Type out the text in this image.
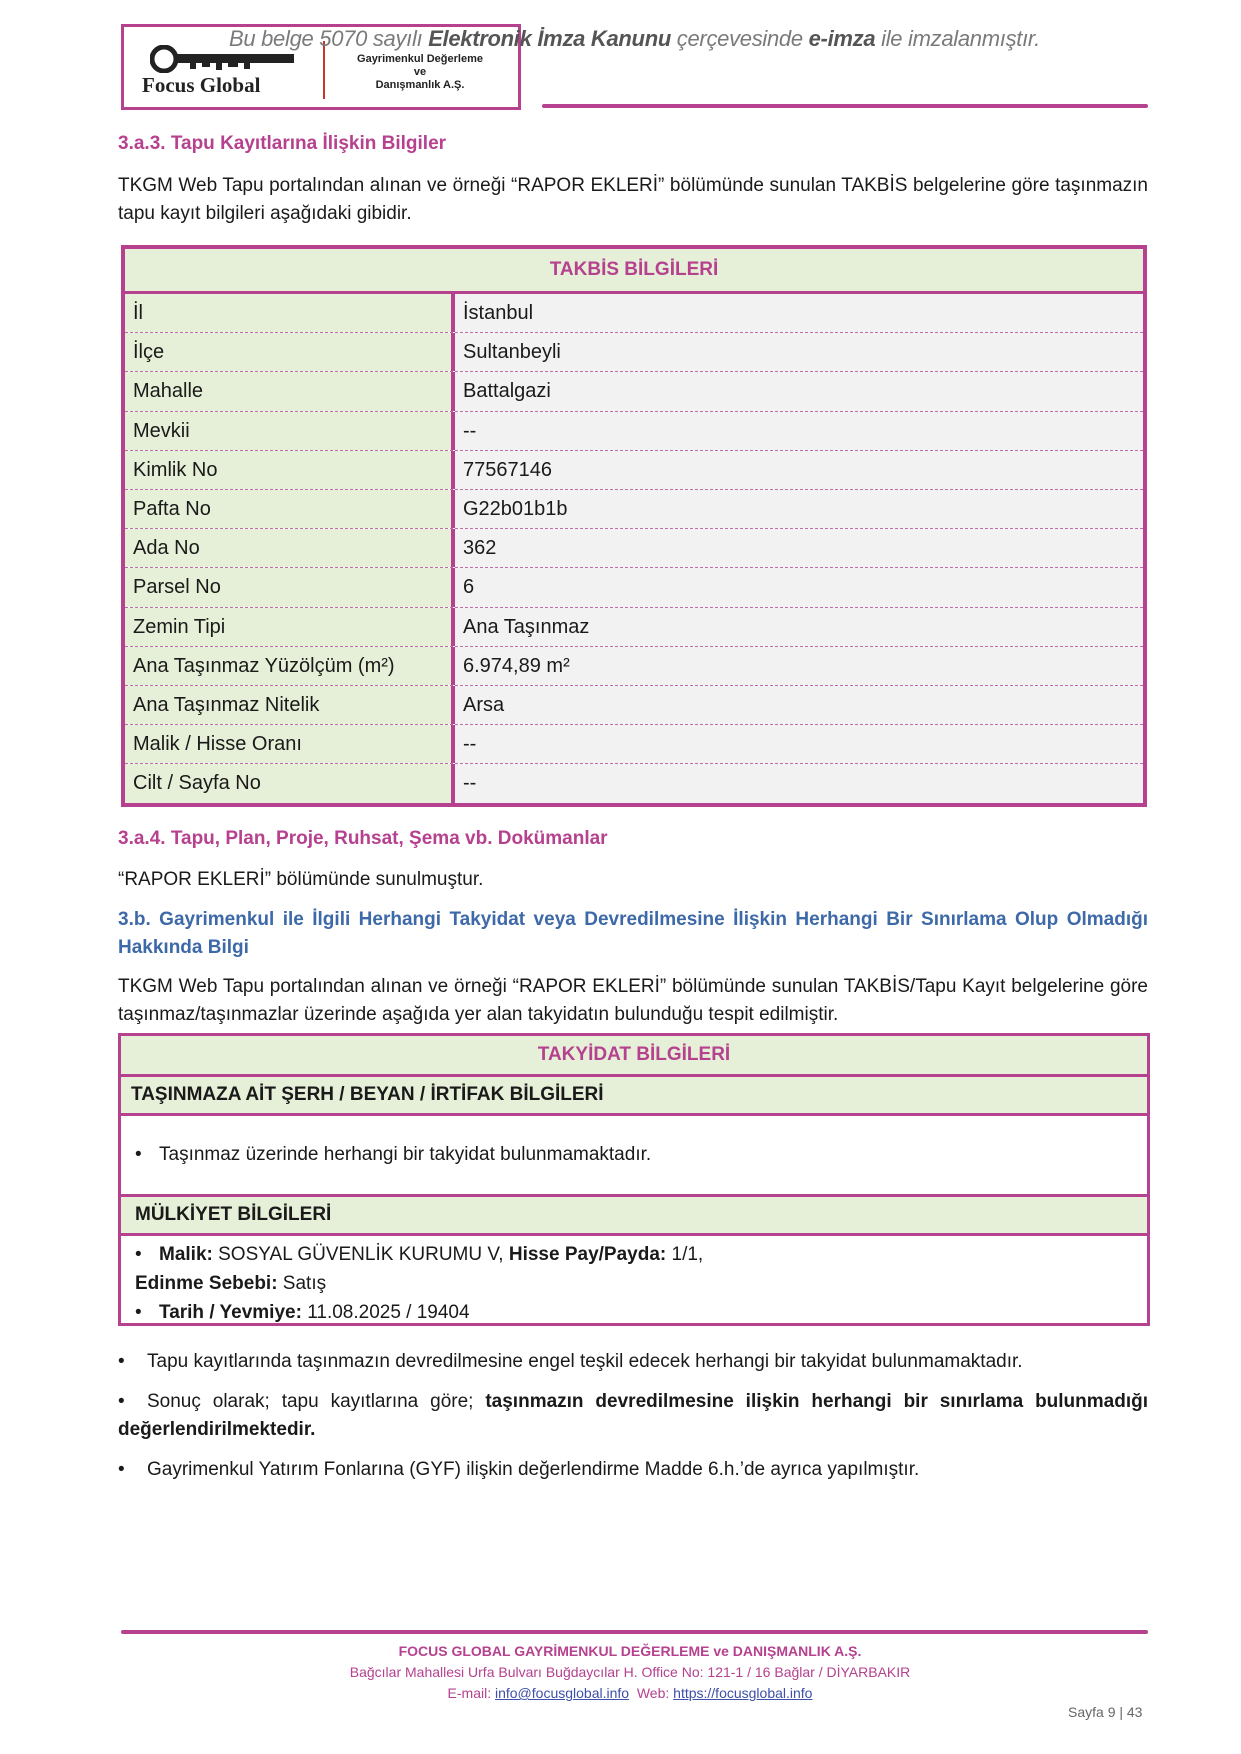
Focus Global
Gayrimenkul Değerleme
ve
Danışmanlık A.Ş.
Bu belge 5070 sayılı Elektronik İmza Kanunu çerçevesinde e-imza ile imzalanmıştır.
3.a.3. Tapu Kayıtlarına İlişkin Bilgiler
TKGM Web Tapu portalından alınan ve örneği “RAPOR EKLERİ” bölümünde sunulan TAKBİS belgelerine göre taşınmazın tapu kayıt bilgileri aşağıdaki gibidir.
TAKBİS BİLGİLERİ
İl	İstanbul
İlçe	Sultanbeyli
Mahalle	Battalgazi
Mevkii	--
Kimlik No	77567146
Pafta No	G22b01b1b
Ada No	362
Parsel No	6
Zemin Tipi	Ana Taşınmaz
Ana Taşınmaz Yüzölçüm (m²)	6.974,89 m²
Ana Taşınmaz Nitelik	Arsa
Malik / Hisse Oranı	--
Cilt / Sayfa No	--
3.a.4. Tapu, Plan, Proje, Ruhsat, Şema vb. Dokümanlar
“RAPOR EKLERİ” bölümünde sunulmuştur.
3.b. Gayrimenkul ile İlgili Herhangi Takyidat veya Devredilmesine İlişkin Herhangi Bir Sınırlama Olup Olmadığı Hakkında Bilgi
TKGM Web Tapu portalından alınan ve örneği “RAPOR EKLERİ” bölümünde sunulan TAKBİS/Tapu Kayıt belgelerine göre taşınmaz/taşınmazlar üzerinde aşağıda yer alan takyidatın bulunduğu tespit edilmiştir.
TAKYİDAT BİLGİLERİ
TAŞINMAZA AİT ŞERH / BEYAN / İRTİFAK BİLGİLERİ
• Taşınmaz üzerinde herhangi bir takyidat bulunmamaktadır.
MÜLKİYET BİLGİLERİ
• Malik: SOSYAL GÜVENLİK KURUMU V, Hisse Pay/Payda: 1/1,
Edinme Sebebi: Satış
• Tarih / Yevmiye: 11.08.2025 / 19404
• Tapu kayıtlarında taşınmazın devredilmesine engel teşkil edecek herhangi bir takyidat bulunmamaktadır.
• Sonuç olarak; tapu kayıtlarına göre; taşınmazın devredilmesine ilişkin herhangi bir sınırlama bulunmadığı değerlendirilmektedir.
• Gayrimenkul Yatırım Fonlarına (GYF) ilişkin değerlendirme Madde 6.h.’de ayrıca yapılmıştır.
FOCUS GLOBAL GAYRİMENKUL DEĞERLEME ve DANIŞMANLIK A.Ş.
Bağcılar Mahallesi Urfa Bulvarı Buğdaycılar H. Office No: 121-1 / 16 Bağlar / DİYARBAKIR
E-mail: info@focusglobal.info  Web: https://focusglobal.info
Sayfa 9 | 43
